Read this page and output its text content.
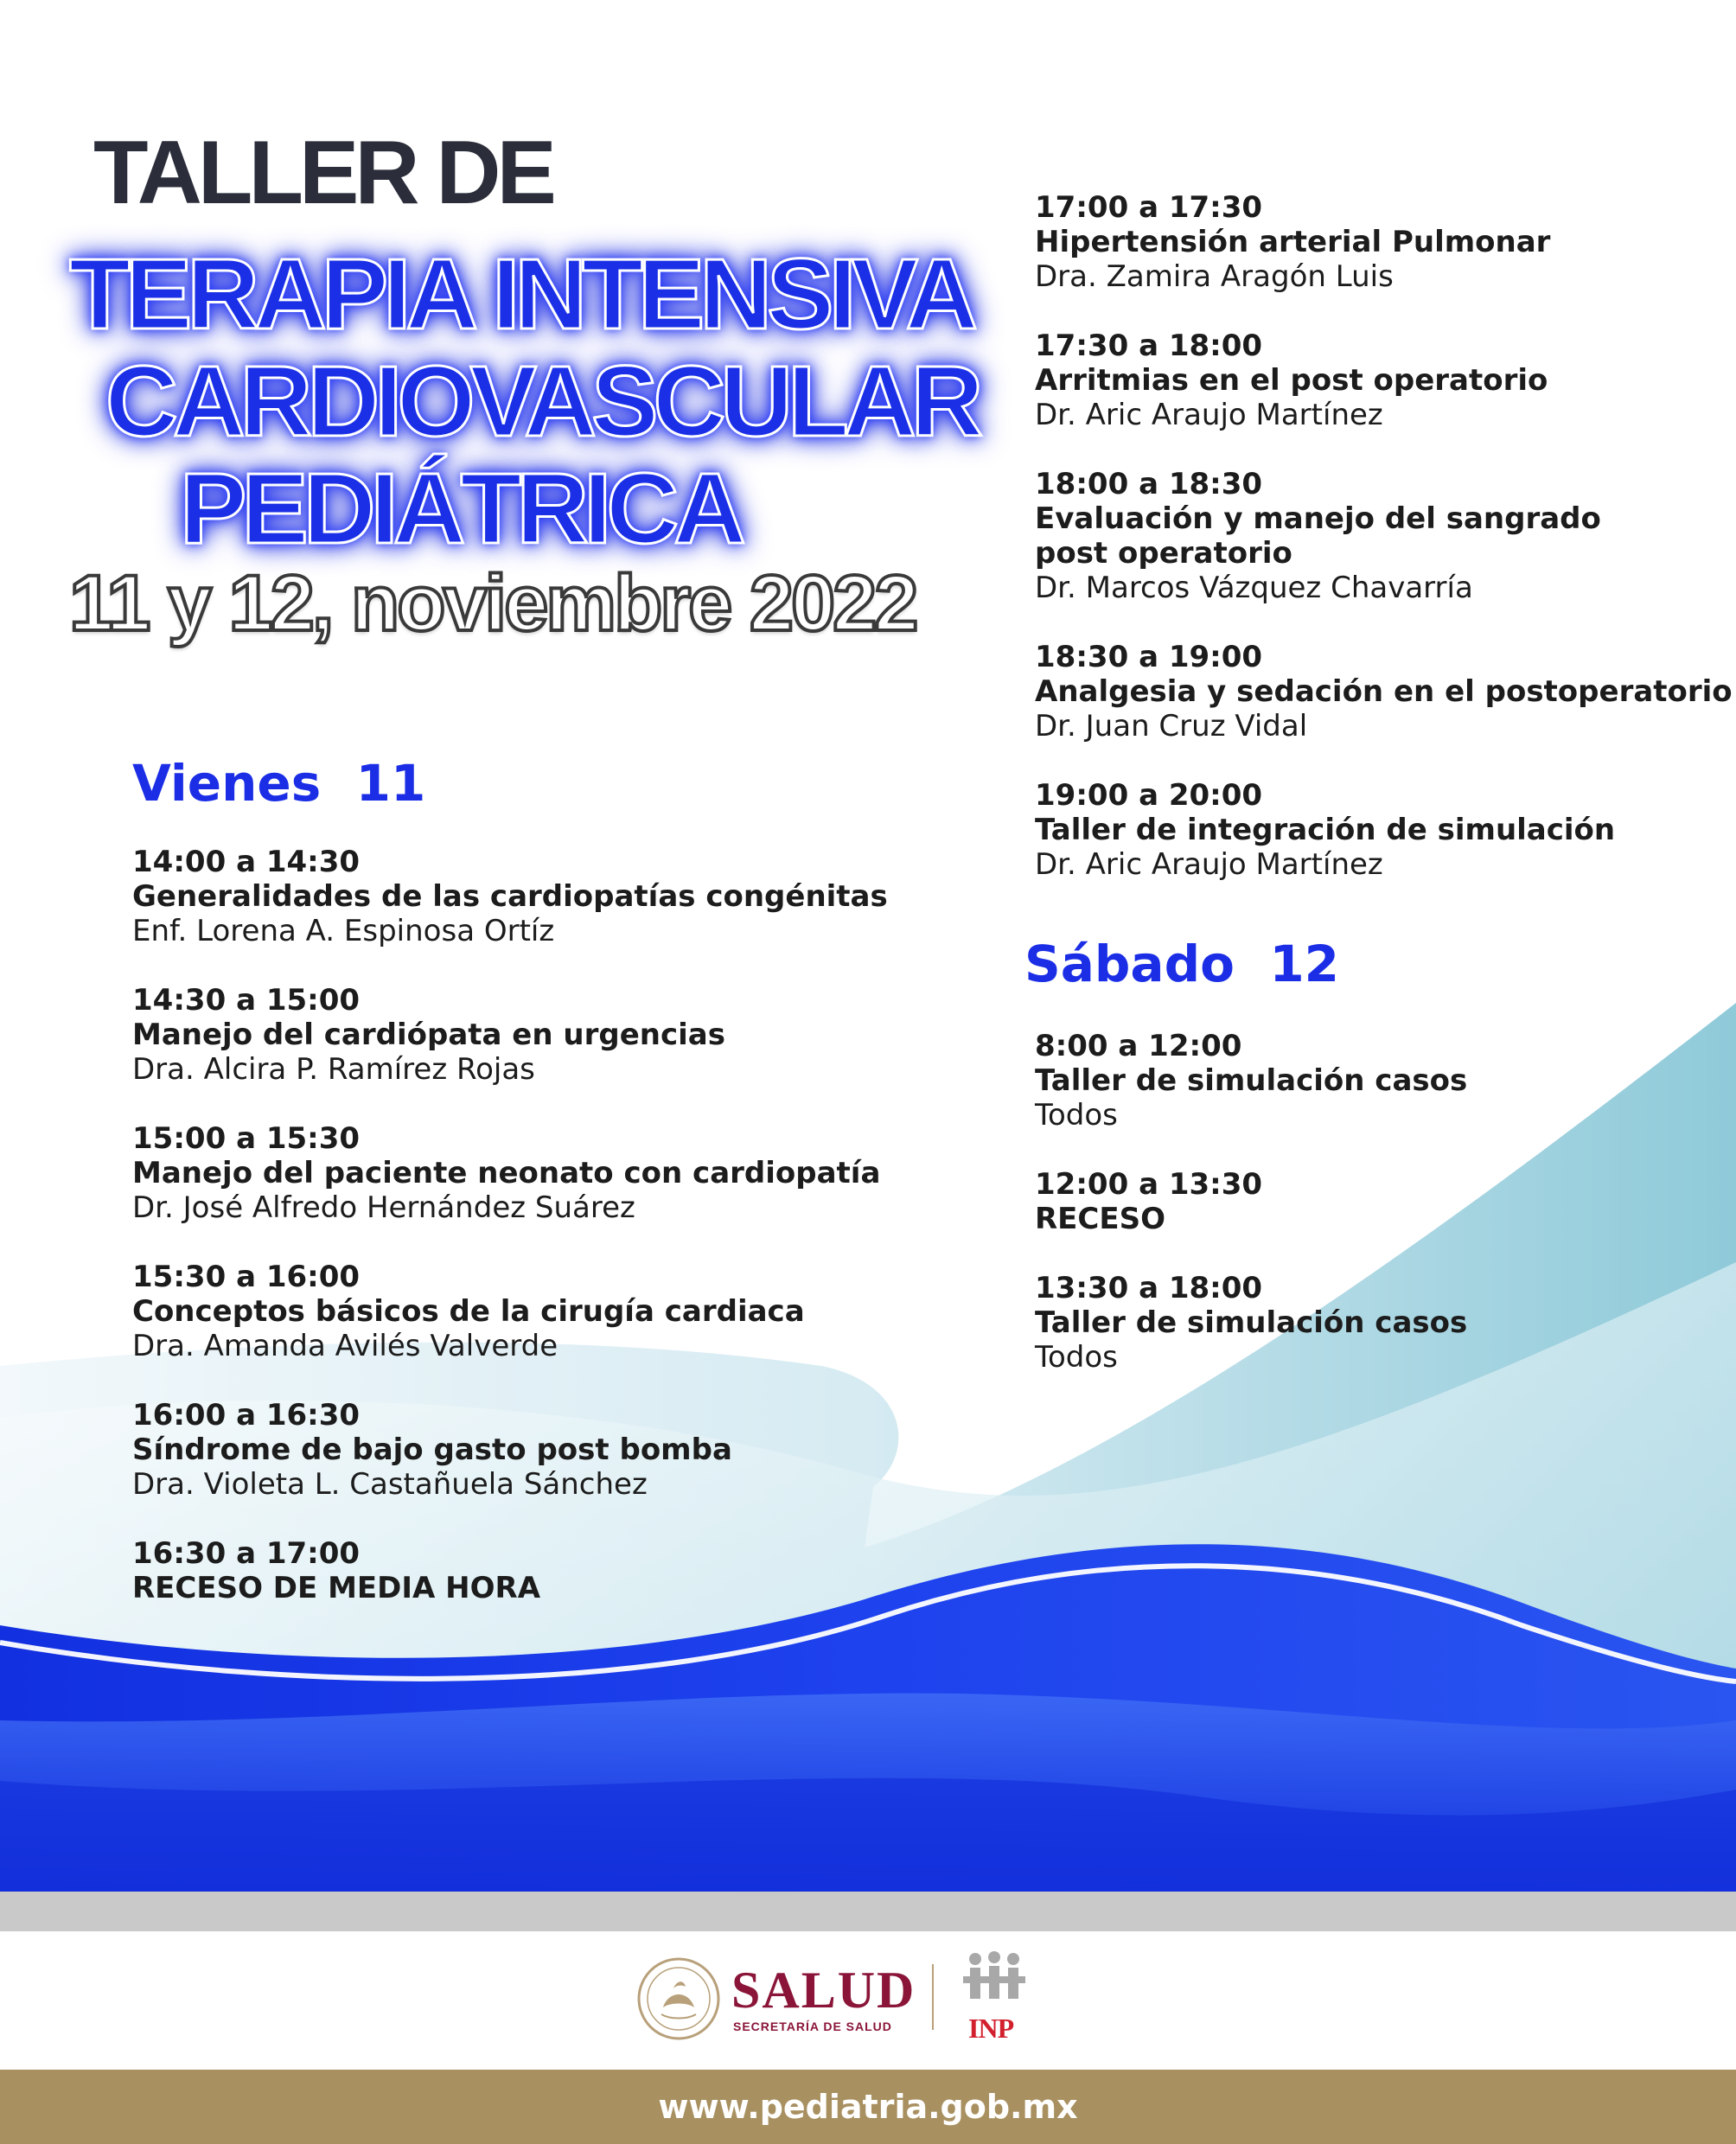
TALLER DE
TERAPIA INTENSIVA
CARDIOVASCULAR
PEDIÁTRICA
11 y 12, noviembre 2022
Vienes  11
14:00 a 14:30
Generalidades de las cardiopatías congénitas
Enf. Lorena A. Espinosa Ortíz
14:30 a 15:00
Manejo del cardiópata en urgencias
Dra. Alcira P. Ramírez Rojas
15:00 a 15:30
Manejo del paciente neonato con cardiopatía
Dr. José Alfredo Hernández Suárez
15:30 a 16:00
Conceptos básicos de la cirugía cardiaca
Dra. Amanda Avilés Valverde
16:00 a 16:30
Síndrome de bajo gasto post bomba
Dra. Violeta L. Castañuela Sánchez
16:30 a 17:00
RECESO DE MEDIA HORA
17:00 a 17:30
Hipertensión arterial Pulmonar
Dra. Zamira Aragón Luis
17:30 a 18:00
Arritmias en el post operatorio
Dr. Aric Araujo Martínez
18:00 a 18:30
Evaluación y manejo del sangrado post operatorio
Dr. Marcos Vázquez Chavarría
18:30 a 19:00
Analgesia y sedación en el postoperatorio
Dr. Juan Cruz Vidal
19:00 a 20:00
Taller de integración de simulación
Dr. Aric Araujo Martínez
Sábado  12
8:00 a 12:00
Taller de simulación casos
Todos
12:00 a 13:30
RECESO
13:30 a 18:00
Taller de simulación casos
Todos
SALUD
SECRETARÍA DE SALUD	INP
www.pediatria.gob.mx
